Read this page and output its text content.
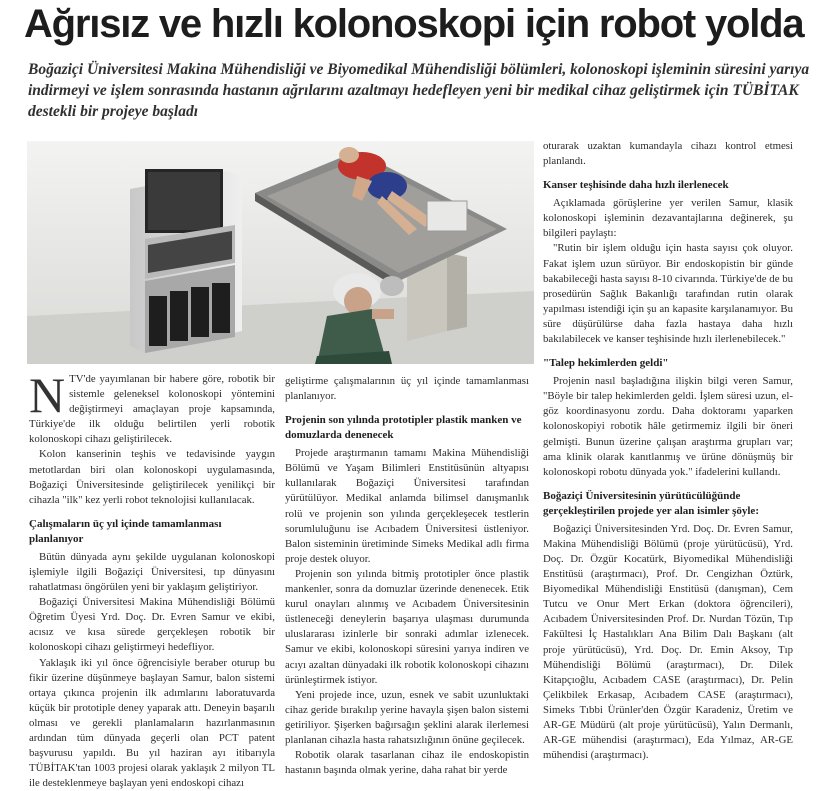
Ağrısız ve hızlı kolonoskopi için robot yolda
Boğaziçi Üniversitesi Makina Mühendisliği ve Biyomedikal Mühendisliği bölümleri, kolonoskopi işleminin süresini yarıya indirmeyi ve işlem sonrasında hastanın ağrılarını azaltmayı hedefleyen yeni bir medikal cihaz geliştirmek için TÜBİTAK destekli bir projeye başladı

NTV'de yayımlanan bir habere göre, robotik bir sistemle geleneksel kolonoskopi yöntemini değiştirmeyi amaçlayan proje kapsamında, Türkiye'de ilk olduğu belirtilen yerli robotik kolonoskopi cihazı geliştirilecek.

Kolon kanserinin teşhis ve tedavisinde yaygın metotlardan biri olan kolonoskopi uygulamasında, Boğaziçi Üniversitesinde geliştirilecek yenilikçi bir cihazla "ilk" kez yerli robot teknolojisi kullanılacak.

Çalışmaların üç yıl içinde tamamlanması planlanıyor

Bütün dünyada aynı şekilde uygulanan kolonoskopi işlemiyle ilgili Boğaziçi Üniversitesi, tıp dünyasını rahatlatması öngörülen yeni bir yaklaşım geliştiriyor.

Boğaziçi Üniversitesi Makina Mühendisliği Bölümü Öğretim Üyesi Yrd. Doç. Dr. Evren Samur ve ekibi, acısız ve kısa sürede gerçekleşen robotik bir kolonoskopi cihazı geliştirmeyi hedefliyor.

Yaklaşık iki yıl önce öğrencisiyle beraber oturup bu fikir üzerine düşünmeye başlayan Samur, balon sistemi ortaya çıkınca projenin ilk adımlarını laboratuvarda küçük bir prototiple deney yaparak attı. Deneyin başarılı olması ve gerekli planlamaların hazırlanmasının ardından tüm dünyada geçerli olan PCT patent başvurusu yapıldı. Bu yıl haziran ayı itibarıyla TÜBİTAK'tan 1003 projesi olarak yaklaşık 2 milyon TL ile desteklenmeye başlayan yeni endoskopi cihazı

geliştirme çalışmalarının üç yıl içinde tamamlanması planlanıyor.

Projenin son yılında prototipler plastik manken ve domuzlarda denenecek

Projede araştırmanın tamamı Makina Mühendisliği Bölümü ve Yaşam Bilimleri Enstitüsünün altyapısı kullanılarak Boğaziçi Üniversitesi tarafından yürütülüyor. Medikal anlamda bilimsel danışmanlık rolü ve projenin son yılında gerçekleşecek testlerin sorumluluğunu ise Acıbadem Üniversitesi üstleniyor. Balon sisteminin üretiminde Simeks Medikal adlı firma proje destek oluyor.

Projenin son yılında bitmiş prototipler önce plastik mankenler, sonra da domuzlar üzerinde denenecek. Etik kurul onayları alınmış ve Acıbadem Üniversitesinin üstleneceği deneylerin başarıya ulaşması durumunda uluslararası izinlerle bir sonraki adımlar izlenecek. Samur ve ekibi, kolonoskopi süresini yarıya indiren ve acıyı azaltan dünyadaki ilk robotik kolonoskopi cihazını ürünleştirmek istiyor.

Yeni projede ince, uzun, esnek ve sabit uzunluktaki cihaz geride bırakılıp yerine havayla şişen balon sistemi getiriliyor. Şişerken bağırsağın şeklini alarak ilerlemesi planlanan cihazla hasta rahatsızlığının önüne geçilecek.

Robotik olarak tasarlanan cihaz ile endoskopistin hastanın başında olmak yerine, daha rahat bir yerde

oturarak uzaktan kumandayla cihazı kontrol etmesi planlandı.

Kanser teşhisinde daha hızlı ilerlenecek

Açıklamada görüşlerine yer verilen Samur, klasik kolonoskopi işleminin dezavantajlarına değinerek, şu bilgileri paylaştı:

"Rutin bir işlem olduğu için hasta sayısı çok oluyor. Fakat işlem uzun sürüyor. Bir endoskopistin bir günde bakabileceği hasta sayısı 8-10 civarında. Türkiye'de de bu prosedürün Sağlık Bakanlığı tarafından rutin olarak yapılması istendiği için şu an kapasite karşılanamıyor. Bu süre düşürülürse daha fazla hastaya daha hızlı bakılabilecek ve kanser teşhisinde hızlı ilerlenebilecek."

"Talep hekimlerden geldi"

Projenin nasıl başladığına ilişkin bilgi veren Samur, "Böyle bir talep hekimlerden geldi. İşlem süresi uzun, el-göz koordinasyonu zordu. Daha doktoramı yaparken kolonoskopiyi robotik hâle getirmemiz ilgili bir öneri gelmişti. Bunun üzerine çalışan araştırma grupları var; ama klinik olarak kanıtlanmış ve ürüne dönüşmüş bir kolonoskopi robotu dünyada yok." ifadelerini kullandı.

Boğaziçi Üniversitesinin yürütücülüğünde gerçekleştirilen projede yer alan isimler şöyle:

Boğaziçi Üniversitesinden Yrd. Doç. Dr. Evren Samur, Makina Mühendisliği Bölümü (proje yürütücüsü), Yrd. Doç. Dr. Özgür Kocatürk, Biyomedikal Mühendisliği Enstitüsü (araştırmacı), Prof. Dr. Cengizhan Öztürk, Biyomedikal Mühendisliği Enstitüsü (danışman), Cem Tutcu ve Onur Mert Erkan (doktora öğrencileri), Acıbadem Üniversitesinden Prof. Dr. Nurdan Tözün, Tıp Fakültesi İç Hastalıkları Ana Bilim Dalı Başkanı (alt proje yürütücüsü), Yrd. Doç. Dr. Emin Aksoy, Tıp Mühendisliği Bölümü (araştırmacı), Dr. Dilek Kitapçıoğlu, Acıbadem CASE (araştırmacı), Dr. Pelin Çelikbilek Erkasap, Acıbadem CASE (araştırmacı), Simeks Tıbbi Ürünler'den Özgür Karadeniz, Üretim ve AR-GE Müdürü (alt proje yürütücüsü), Yalın Dermanlı, AR-GE mühendisi (araştırmacı), Eda Yılmaz, AR-GE mühendisi (araştırmacı).
